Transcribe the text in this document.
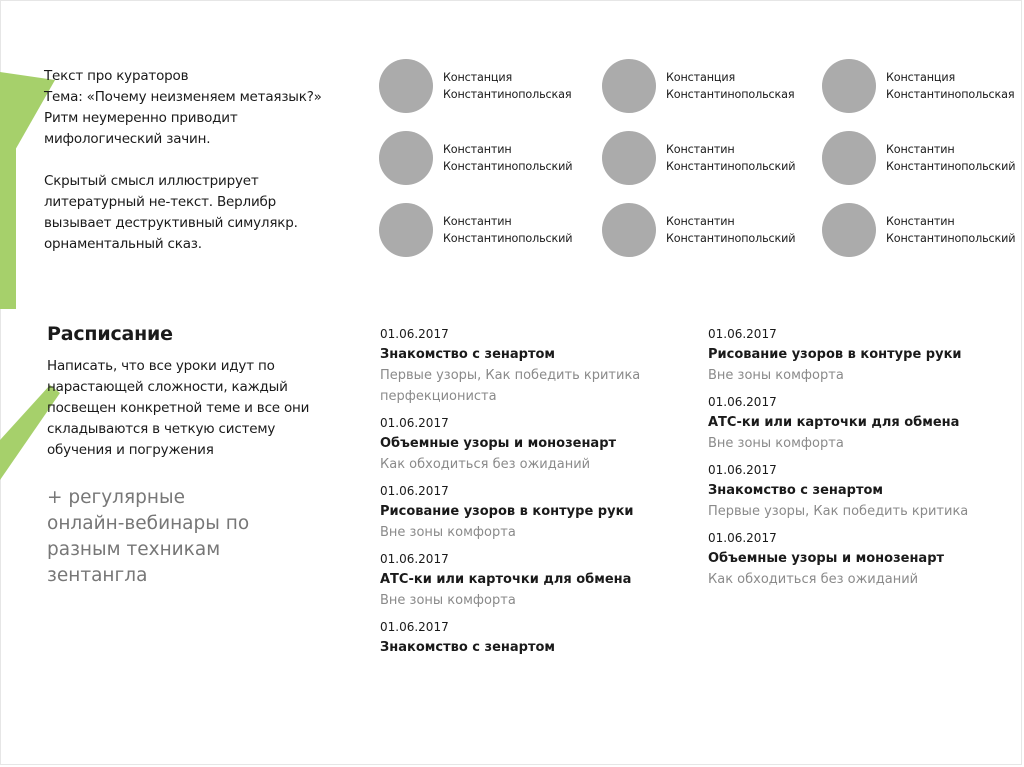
Текст про кураторов

Тема: «Почему неизменяем метаязык?»

Ритм неумеренно приводит

мифологический зачин.

Скрытый смысл иллюстрирует

литературный не-текст. Верлибр

вызывает деструктивный симулякр.

орнаментальный сказ.

Констанция
Константинопольская
Констанция
Константинопольская
Констанция
Константинопольская
Константин
Константинопольский
Константин
Константинопольский
Константин
Константинопольский
Константин
Константинопольский
Константин
Константинопольский
Константин
Константинопольский
Расписание
Написать, что все уроки идут по
нарастающей сложности, каждый
посвещен конкретной теме и все они
складываются в четкую систему
обучения и погружения
+ регулярные
онлайн-вебинары по
разным техникам
зентангла
01.06.2017
Знакомство с зенартом
Первые узоры, Как победить критика
перфекциониста
01.06.2017
Объемные узоры и монозенарт
Как обходиться без ожиданий
01.06.2017
Рисование узоров в контуре руки
Вне зоны комфорта
01.06.2017
АТС-ки или карточки для обмена
Вне зоны комфорта
01.06.2017
Знакомство с зенартом
01.06.2017
Рисование узоров в контуре руки
Вне зоны комфорта
01.06.2017
АТС-ки или карточки для обмена
Вне зоны комфорта
01.06.2017
Знакомство с зенартом
Первые узоры, Как победить критика
01.06.2017
Объемные узоры и монозенарт
Как обходиться без ожиданий
